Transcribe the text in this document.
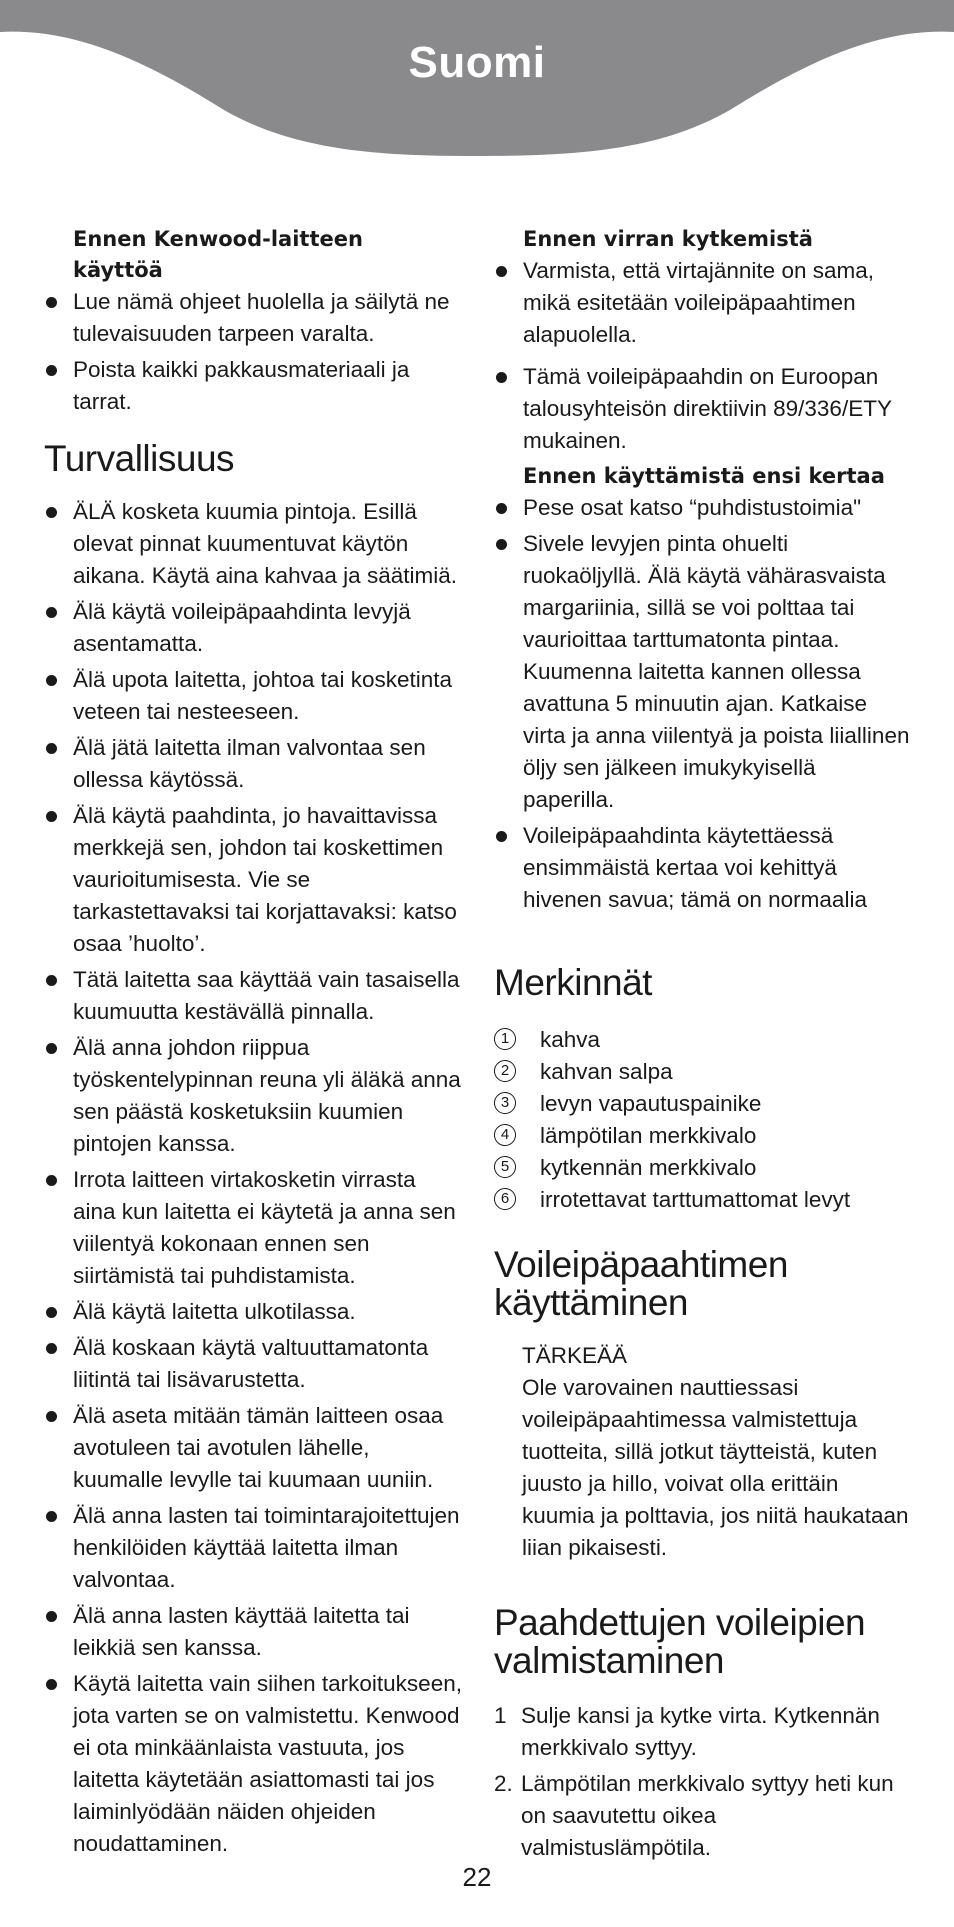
Suomi
Ennen Kenwood-laitteen käyttöä
Lue nämä ohjeet huolella ja säilytä ne tulevaisuuden tarpeen varalta.
Poista kaikki pakkausmateriaali ja tarrat.
Turvallisuus
ÄLÄ kosketa kuumia pintoja. Esillä olevat pinnat kuumentuvat käytön aikana. Käytä aina kahvaa ja säätimiä.
Älä käytä voileipäpaahdinta levyjä asentamatta.
Älä upota laitetta, johtoa tai kosketinta veteen tai nesteeseen.
Älä jätä laitetta ilman valvontaa sen ollessa käytössä.
Älä käytä paahdinta, jo havaittavissa merkkejä sen, johdon tai koskettimen vaurioitumisesta. Vie se tarkastettavaksi tai korjattavaksi: katso osaa ’huolto’.
Tätä laitetta saa käyttää vain tasaisella kuumuutta kestävällä pinnalla.
Älä anna johdon riippua työskentelypinnan reuna yli äläkä anna sen päästä kosketuksiin kuumien pintojen kanssa.
Irrota laitteen virtakosketin virrasta aina kun laitetta ei käytetä ja anna sen viilentyä kokonaan ennen sen siirtämistä tai puhdistamista.
Älä käytä laitetta ulkotilassa.
Älä koskaan käytä valtuuttamatonta liitintä tai lisävarustetta.
Älä aseta mitään tämän laitteen osaa avotuleen tai avotulen lähelle, kuumalle levylle tai kuumaan uuniin.
Älä anna lasten tai toimintarajoitettujen henkilöiden käyttää laitetta ilman valvontaa.
Älä anna lasten käyttää laitetta tai leikkiä sen kanssa.
Käytä laitetta vain siihen tarkoitukseen, jota varten se on valmistettu. Kenwood ei ota minkäänlaista vastuuta, jos laitetta käytetään asiattomasti tai jos laiminlyödään näiden ohjeiden noudattaminen.
Ennen virran kytkemistä
Varmista, että virtajännite on sama, mikä esitetään voileipäpaahtimen alapuolella.
Tämä voileipäpaahdin on Euroopan talousyhteisön direktiivin 89/336/ETY mukainen.
Ennen käyttämistä ensi kertaa
Pese osat katso “puhdistustoimia"
Sivele levyjen pinta ohuelti ruokaöljyllä. Älä käytä vähärasvaista margariinia, sillä se voi polttaa tai vaurioittaa tarttumatonta pintaa. Kuumenna laitetta kannen ollessa avattuna 5 minuutin ajan. Katkaise virta ja anna viilentyä ja poista liiallinen öljy sen jälkeen imukykyisellä paperilla.
Voileipäpaahdinta käytettäessä ensimmäistä kertaa voi kehittyä hivenen savua; tämä on normaalia
Merkinnät
1	kahva
2	kahvan salpa
3	levyn vapautuspainike
4	lämpötilan merkkivalo
5	kytkennän merkkivalo
6	irrotettavat tarttumattomat levyt
Voileipäpaahtimen
käyttäminen
TÄRKEÄÄ
Ole varovainen nauttiessasi voileipäpaahtimessa valmistettuja tuotteita, sillä jotkut täytteistä, kuten juusto ja hillo, voivat olla erittäin kuumia ja polttavia, jos niitä haukataan liian pikaisesti.
Paahdettujen voileipien
valmistaminen
1 Sulje kansi ja kytke virta. Kytkennän merkkivalo syttyy.
2. Lämpötilan merkkivalo syttyy heti kun on saavutettu oikea valmistuslämpötila.
22
